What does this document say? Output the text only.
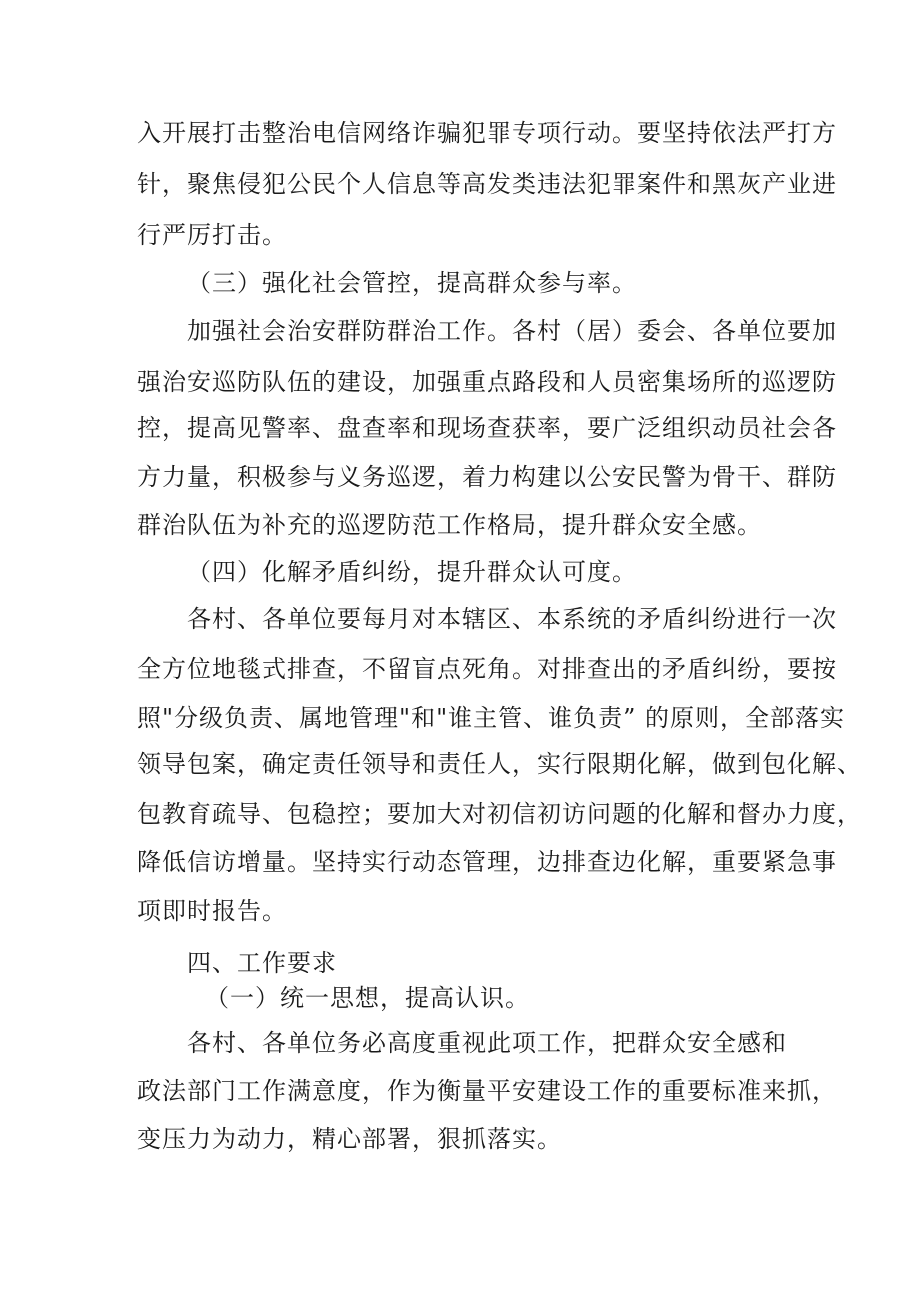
入开展打击整治电信网络诈骗犯罪专项行动。要坚持依法严打方
针，聚焦侵犯公民个人信息等高发类违法犯罪案件和黑灰产业进
行严厉打击。
（三）强化社会管控，提高群众参与率。
加强社会治安群防群治工作。各村（居）委会、各单位要加
强治安巡防队伍的建设，加强重点路段和人员密集场所的巡逻防
控，提高见警率、盘查率和现场查获率，要广泛组织动员社会各
方力量，积极参与义务巡逻，着力构建以公安民警为骨干、群防
群治队伍为补充的巡逻防范工作格局，提升群众安全感。
（四）化解矛盾纠纷，提升群众认可度。
各村、各单位要每月对本辖区、本系统的矛盾纠纷进行一次
全方位地毯式排查，不留盲点死角。对排查出的矛盾纠纷，要按
照"分级负责、属地管理"和"谁主管、谁负责” 的原则，全部落实
领导包案，确定责任领导和责任人，实行限期化解，做到包化解、
包教育疏导、包稳控；要加大对初信初访问题的化解和督办力度，
降低信访增量。坚持实行动态管理，边排查边化解，重要紧急事
项即时报告。
四、工作要求
（一）统一思想，提高认识。
各村、各单位务必高度重视此项工作，把群众安全感和
政法部门工作满意度，作为衡量平安建设工作的重要标准来抓，
变压力为动力，精心部署，狠抓落实。
